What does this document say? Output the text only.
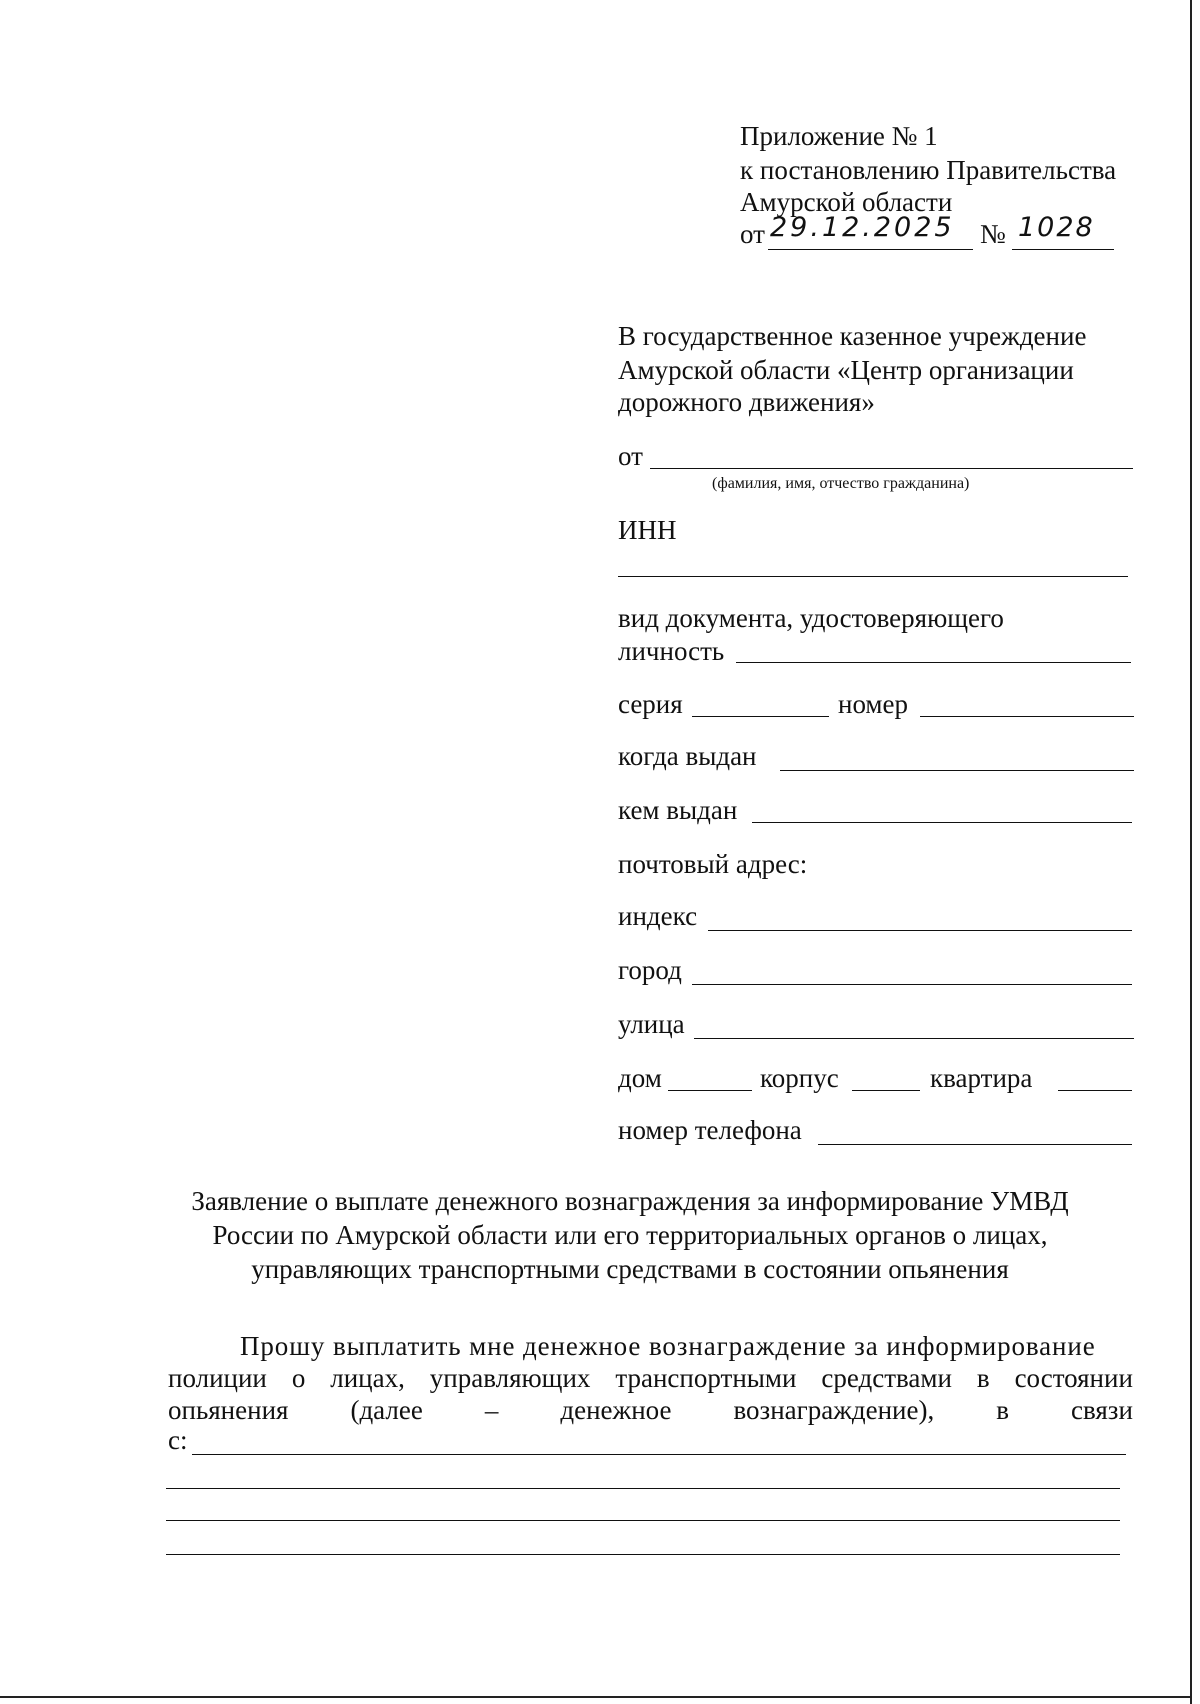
Приложение № 1
к постановлению Правительства
Амурской области
от 29.12.2025 № 1028
В государственное казенное учреждение
Амурской области «Центр организации
дорожного движения»
от
(фамилия, имя, отчество гражданина)
ИНН
вид документа, удостоверяющего
личность
серия	номер
когда выдан
кем выдан
почтовый адрес:
индекс
город
улица
дом	корпус	квартира
номер телефона
Заявление о выплате денежного вознаграждения за информирование УМВД
России по Амурской области или его территориальных органов о лицах,
управляющих транспортными средствами в состоянии опьянения
Прошу выплатить мне денежное вознаграждение за информирование
полиции о лицах, управляющих транспортными средствами в состоянии
опьянения (далее – денежное вознаграждение), в связи
с:
